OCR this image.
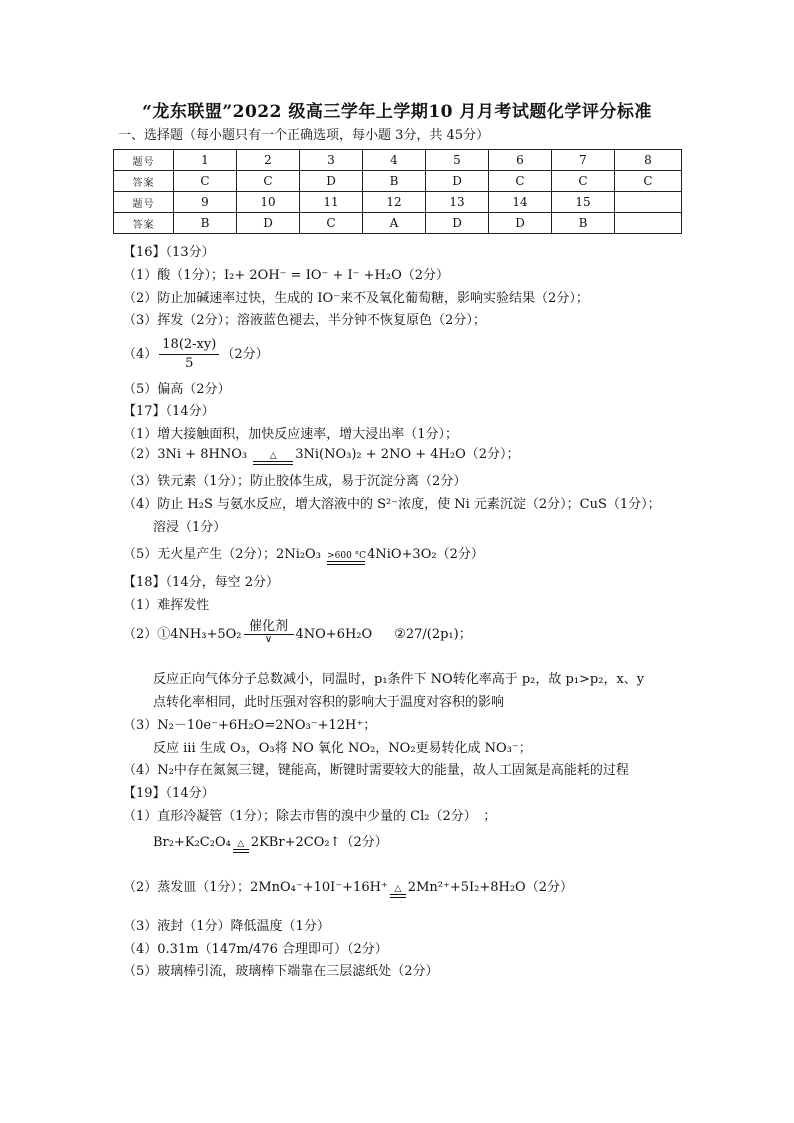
“龙东联盟”2022 级高三学年上学期10 月月考试题化学评分标准
一、选择题（每小题只有一个正确选项，每小题 3分，共 45分）
题号	1	2	3	4	5	6	7	8
答案	C	C	D	B	D	C	C	C
题号	9	10	11	12	13	14	15	
答案	B	D	C	A	D	D	B	
【16】（13分）
（1）酸（1分）；I₂+ 2OH⁻ = IO⁻ + I⁻ +H₂O（2分）
（2）防止加碱速率过快，生成的 IO⁻来不及氧化葡萄糖，影响实验结果（2分）；
（3）挥发（2分）；溶液蓝色褪去，半分钟不恢复原色（2分）；
$(4) \frac{18(2-xy)}{5} (2$分）
（5）偏高（2分）
【17】（14分）
（1）增大接触面积，加快反应速率，增大浸出率（1分）；
（2）3Ni + 8HNO₃	△	3Ni(NO₃)₂ + 2NO + 4H₂O（2分）；
（3）铁元素（1分）；防止胶体生成，易于沉淀分离（2分）
（4）防止 H₂S 与氨水反应，增大溶液中的 S²⁻浓度，使 Ni 元素沉淀（2分）；CuS（1分）；
溶浸（1分）
（5）无火星产生（2分）；2Ni₂O₃ >600 °C 4NiO+3O₂（2分）
【18】（14分，每空 2分）
（1）难挥发性
（2）①4NH₃+5O₂
催化剂
∨	4NO+6H₂O ②27/(2p₁)；
反应正向气体分子总数减小，同温时，p₁条件下 NO转化率高于 p₂，故 p₁>p₂，x、y
点转化率相同，此时压强对容积的影响大于温度对容积的影响
（3）N₂－10e⁻+6H₂O=2NO₃⁻+12H⁺；
反应 iii 生成 O₃，O₃将 NO 氧化 NO₂，NO₂更易转化成 NO₃⁻；
（4）N₂中存在氮氮三键，键能高，断键时需要较大的能量，故人工固氮是高能耗的过程
【19】（14分）
（1）直形冷凝管（1分）；除去市售的溴中少量的 Cl₂（2分）　；
Br₂+K₂C₂O₄ △ 2KBr+2CO₂↑（2分）
（2）蒸发皿（1分）；2MnO₄⁻+10I⁻+16H⁺ △ 2Mn²⁺+5I₂+8H₂O（2分）
（3）液封（1分）降低温度（1分）
（4）0.31m（147m/476 合理即可）（2分）
（5）玻璃棒引流，玻璃棒下端靠在三层滤纸处（2分）
